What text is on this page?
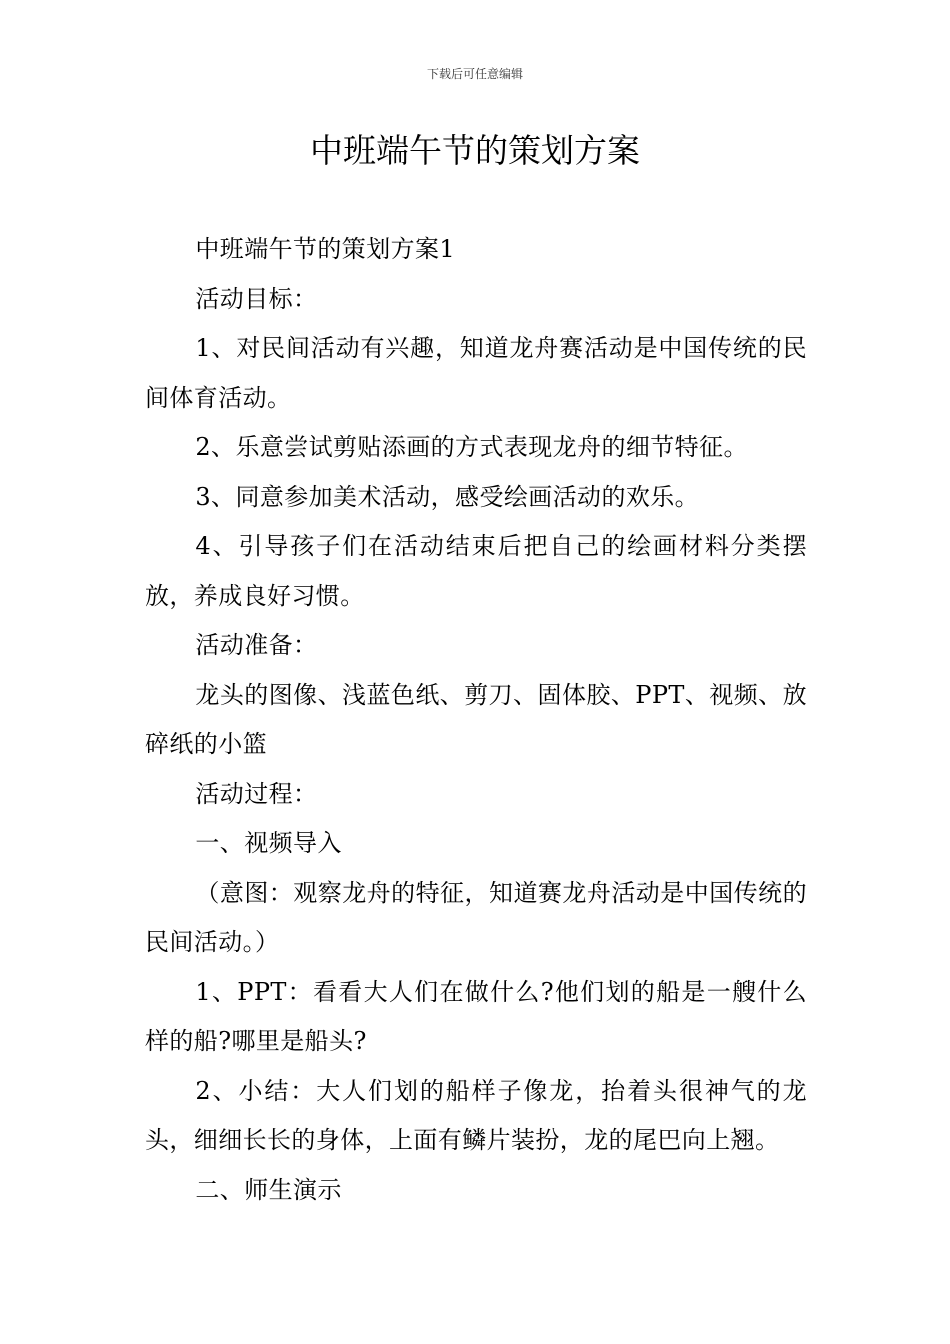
下载后可任意编辑
中班端午节的策划方案

中班端午节的策划方案1

活动目标：

1、对民间活动有兴趣，知道龙舟赛活动是中国传统的民间体育活动。

2、乐意尝试剪贴添画的方式表现龙舟的细节特征。

3、同意参加美术活动，感受绘画活动的欢乐。

4、引导孩子们在活动结束后把自己的绘画材料分类摆放，养成良好习惯。

活动准备：

龙头的图像、浅蓝色纸、剪刀、固体胶、PPT、视频、放碎纸的小篮

活动过程：

一、视频导入

（意图：观察龙舟的特征，知道赛龙舟活动是中国传统的民间活动。）

1、PPT：看看大人们在做什么?他们划的船是一艘什么样的船?哪里是船头?

2、小结：大人们划的船样子像龙，抬着头很神气的龙头，细细长长的身体，上面有鳞片装扮，龙的尾巴向上翘。

二、师生演示
